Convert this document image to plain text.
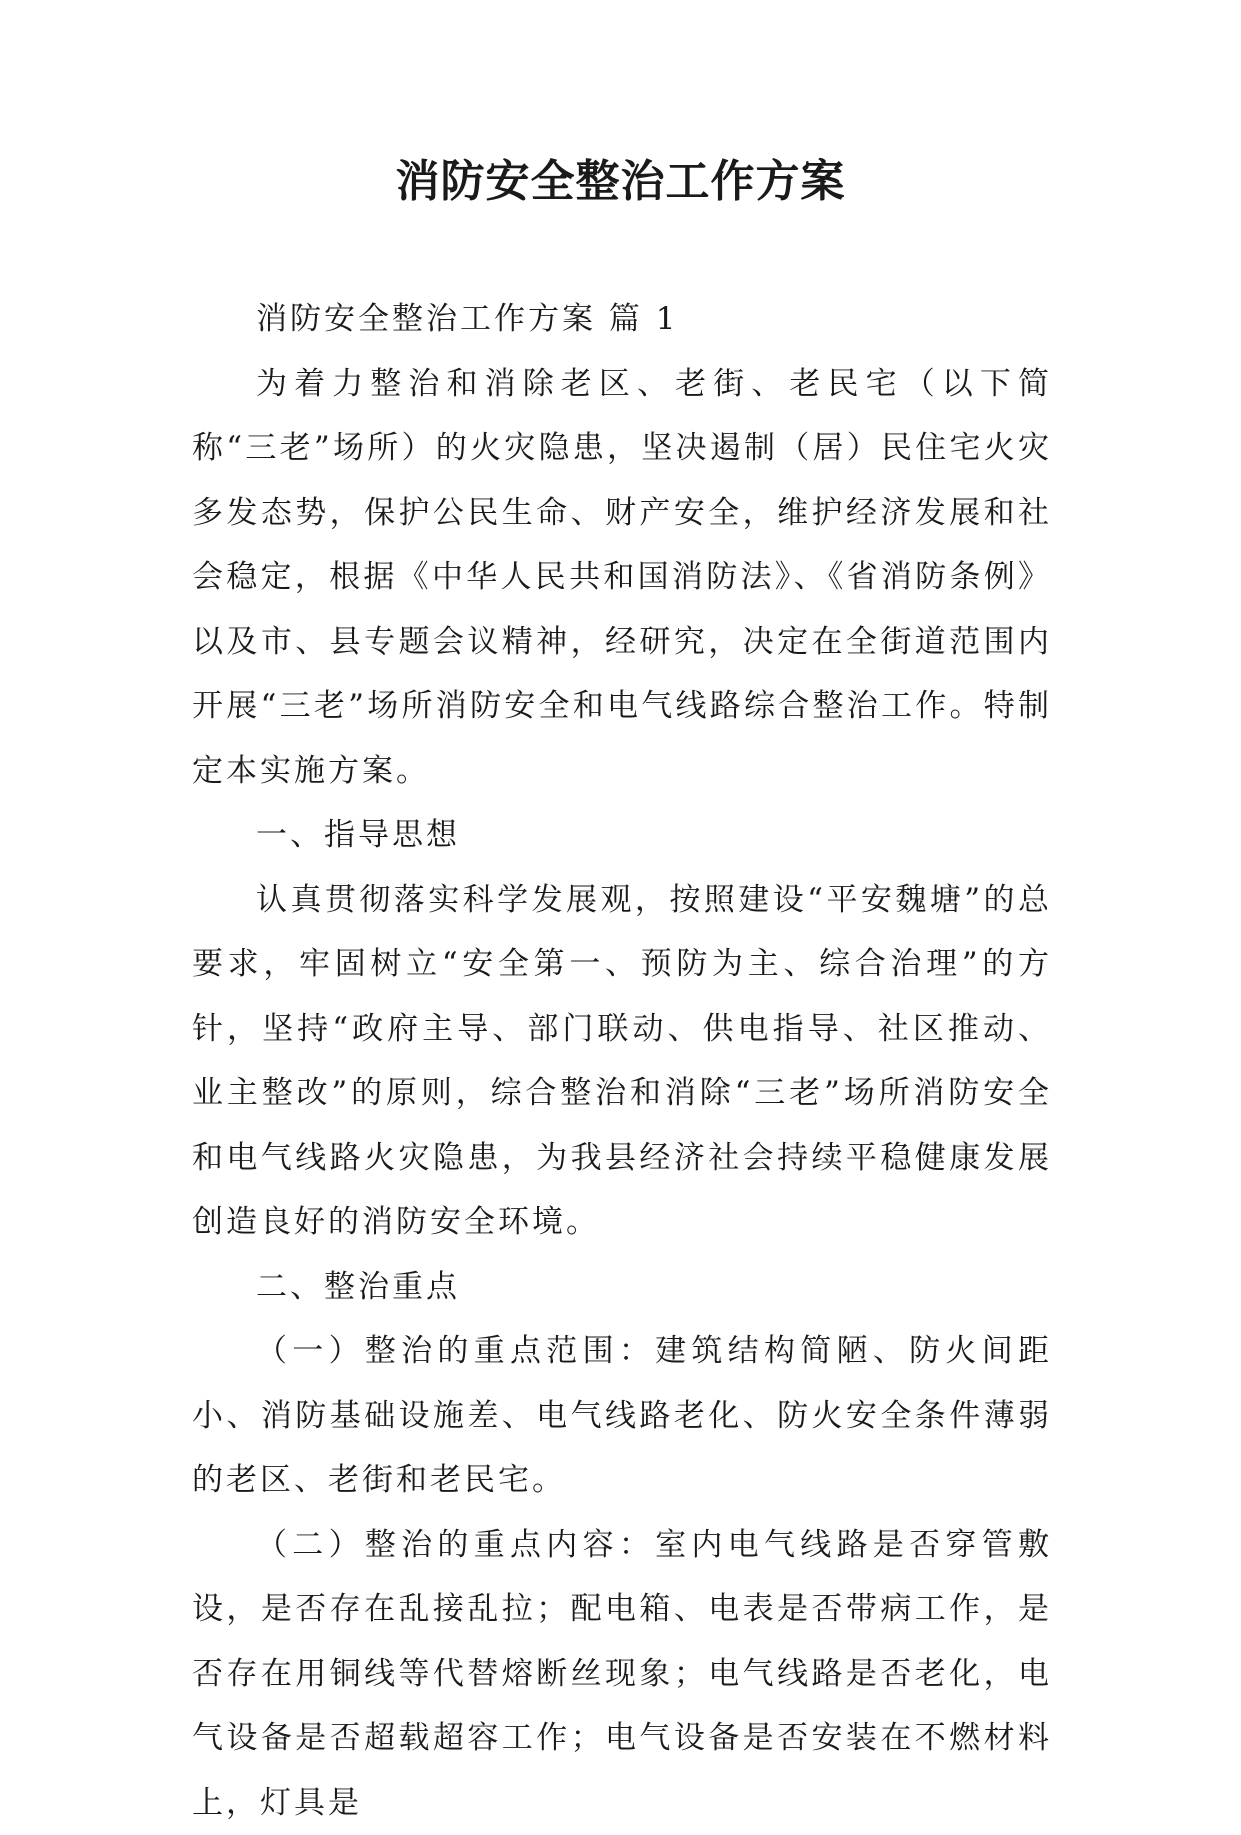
消防安全整治工作方案

消防安全整治工作方案 篇 1

为着力整治和消除老区、老街、老民宅（以下简称“三老”场所）的火灾隐患，坚决遏制（居）民住宅火灾多发态势，保护公民生命、财产安全，维护经济发展和社会稳定，根据《中华人民共和国消防法》、《省消防条例》以及市、县专题会议精神，经研究，决定在全街道范围内开展“三老”场所消防安全和电气线路综合整治工作。特制定本实施方案。

一、指导思想

认真贯彻落实科学发展观，按照建设“平安魏塘”的总要求，牢固树立“安全第一、预防为主、综合治理”的方针，坚持“政府主导、部门联动、供电指导、社区推动、业主整改”的原则，综合整治和消除“三老”场所消防安全和电气线路火灾隐患，为我县经济社会持续平稳健康发展创造良好的消防安全环境。

二、整治重点

（一）整治的重点范围：建筑结构简陋、防火间距小、消防基础设施差、电气线路老化、防火安全条件薄弱的老区、老街和老民宅。

（二）整治的重点内容：室内电气线路是否穿管敷设，是否存在乱接乱拉；配电箱、电表是否带病工作，是否存在用铜线等代替熔断丝现象；电气线路是否老化，电气设备是否超载超容工作；电气设备是否安装在不燃材料上，灯具是
